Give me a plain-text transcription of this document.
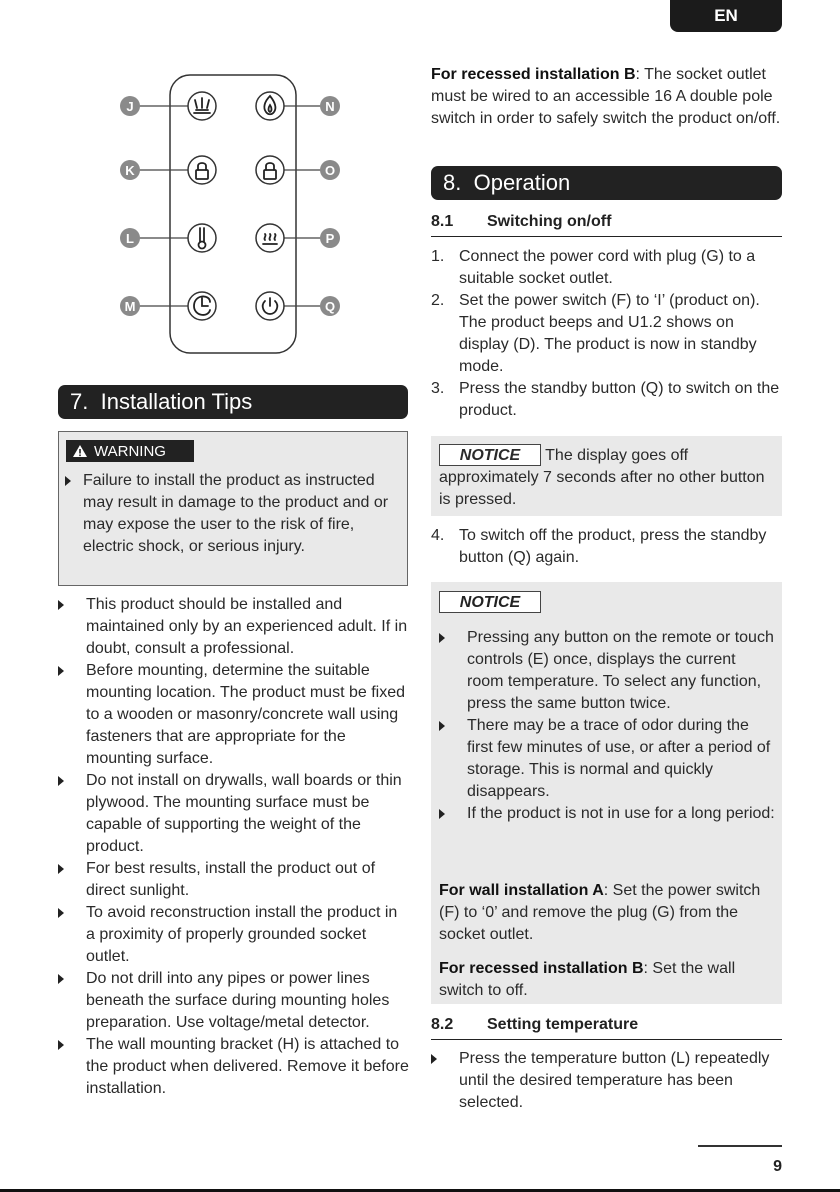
EN
J
K
L
M
N
O
P
Q
7.
Installation Tips
WARNING
Failure to install the product as instructed may result in damage to the product and or may expose the user to the risk of fire, electric shock, or serious injury.
This product should be installed and maintained only by an experienced adult. If in doubt, consult a professional.
Before mounting, determine the suitable mounting location. The product must be fixed to a wooden or masonry/concrete wall using fasteners that are appropriate for the mounting surface.
Do not install on drywalls, wall boards or thin plywood. The mounting surface must be capable of supporting the weight of the product.
For best results, install the product out of direct sunlight.
To avoid reconstruction install the product in a proximity of properly grounded socket outlet.
Do not drill into any pipes or power lines beneath the surface during mounting holes preparation. Use voltage/metal detector.
The wall mounting bracket (H) is attached to the product when delivered. Remove it before installation.
For recessed installation B: The socket outlet must be wired to an accessible 16 A double pole switch in order to safely switch the product on/off.
8.
Operation
8.1	Switching on/off
1. Connect the power cord with plug (G) to a suitable socket outlet.
2. Set the power switch (F) to ‘I’ (product on). The product beeps and U1.2 shows on display (D). The product is now in standby mode.
3. Press the standby button (Q) to switch on the product.
NOTICE The display goes off approximately 7 seconds after no other button is pressed.
4. To switch off the product, press the standby button (Q) again.
NOTICE
Pressing any button on the remote or touch controls (E) once, displays the current room temperature. To select any function, press the same button twice.
There may be a trace of odor during the first few minutes of use, or after a period of storage. This is normal and quickly disappears.
If the product is not in use for a long period:
For wall installation A: Set the power switch (F) to ‘0’ and remove the plug (G) from the socket outlet.
For recessed installation B: Set the wall switch to off.
8.2	Setting temperature
Press the temperature button (L) repeatedly until the desired temperature has been selected.
9
